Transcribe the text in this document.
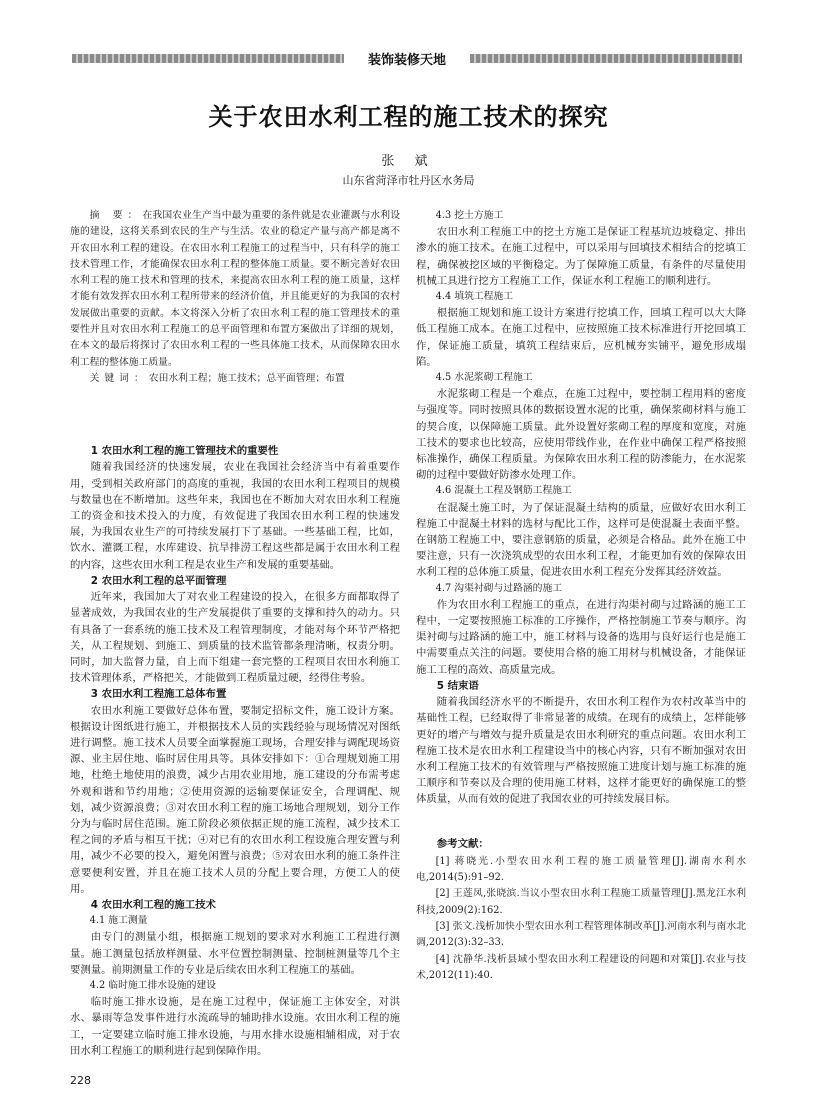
装饰装修天地
关于农田水利工程的施工技术的探究
张 斌
山东省菏泽市牡丹区水务局

摘 要：在我国农业生产当中最为重要的条件就是农业灌溉与水利设施的建设，这将关系到农民的生产与生活。农业的稳定产量与高产都是离不开农田水利工程的建设。在农田水利工程施工的过程当中，只有科学的施工技术管理工作，才能确保农田水利工程的整体施工质量。要不断完善好农田水利工程的施工技术和管理的技术，来提高农田水利工程的施工质量，这样才能有效发挥农田水利工程所带来的经济价值，并且能更好的为我国的农村发展做出重要的贡献。本文将深入分析了农田水利工程的施工管理技术的重要性并且对农田水利工程施工的总平面管理和布置方案做出了详细的规划，在本文的最后将探讨了农田水利工程的一些具体施工技术，从而保障农田水利工程的整体施工质量。

关键词：农田水利工程；施工技术；总平面管理；布置

1 农田水利工程的施工管理技术的重要性

随着我国经济的快速发展，农业在我国社会经济当中有着重要作用，受到相关政府部门的高度的重视，我国的农田水利工程项目的规模与数量也在不断增加。这些年来，我国也在不断加大对农田水利工程施工的资金和技术投入的力度，有效促进了我国农田水利工程的快速发展，为我国农业生产的可持续发展打下了基础。一些基础工程，比如，饮水、灌溉工程，水库建设、抗旱排涝工程这些都是属于农田水利工程的内容，这些农田水利工程是农业生产和发展的重要基础。

2 农田水利工程的总平面管理

近年来，我国加大了对农业工程建设的投入，在很多方面都取得了显著成效，为我国农业的生产发展提供了重要的支撑和持久的动力。只有具备了一套系统的施工技术及工程管理制度，才能对每个环节严格把关，从工程规划、到施工、到质量的技术监管都条理清晰，权责分明。同时，加大监督力量，自上而下组建一套完整的工程项目农田水利施工技术管理体系，严格把关，才能做到工程质量过硬，经得住考验。

3 农田水利工程施工总体布置

农田水利施工要做好总体布置，要制定招标文件，施工设计方案。根据设计图纸进行施工，并根据技术人员的实践经验与现场情况对图纸进行调整。施工技术人员要全面掌握施工现场，合理安排与调配现场资源、业主居住地、临时居住用具等。具体安排如下：①合理规划施工用地，杜绝土地使用的浪费，减少占用农业用地，施工建设的分布需考虑外观和谐和节约用地；②使用资源的运输要保证安全，合理调配、规划，减少资源浪费；③对农田水利工程的施工场地合理规划，划分工作分为与临时居住范围。施工阶段必须依据正规的施工流程，减少技术工程之间的矛盾与相互干扰；④对已有的农田水利工程设施合理安置与利用，减少不必要的投入，避免闲置与浪费；⑤对农田水利的施工条件注意要便利安置，并且在施工技术人员的分配上要合理，方便工人的使用。

4 农田水利工程的施工技术
4.1 施工测量

由专门的测量小组，根据施工规划的要求对水利施工工程进行测量。施工测量包括放样测量、水平位置控制测量、控制桩测量等几个主要测量。前期测量工作的专业是后续农田水利工程施工的基础。

4.2 临时施工排水设施的建设

临时施工排水设施，是在施工过程中，保证施工主体安全，对洪水、暴雨等急发事件进行水流疏导的辅助排水设施。农田水利工程的施工，一定要建立临时施工排水设施，与用水排水设施相辅相成，对于农田水利工程施工的顺利进行起到保障作用。

4.3 挖土方施工

农田水利工程施工中的挖土方施工是保证工程基坑边坡稳定、排出渗水的施工技术。在施工过程中，可以采用与回填技术相结合的挖填工程，确保被挖区域的平衡稳定。为了保障施工质量，有条件的尽量使用机械工具进行挖方工程施工工作，保证水利工程施工的顺利进行。

4.4 填筑工程施工

根据施工规划和施工设计方案进行挖填工作，回填工程可以大大降低工程施工成本。在施工过程中，应按照施工技术标准进行开挖回填工作，保证施工质量，填筑工程结束后，应机械夯实铺平，避免形成塌陷。

4.5 水泥浆砌工程施工

水泥浆砌工程是一个难点，在施工过程中，要控制工程用料的密度与强度等。同时按照具体的数据设置水泥的比重，确保浆砌材料与施工的契合度，以保障施工质量。此外设置好浆砌工程的厚度和宽度，对施工技术的要求也比较高，应使用带线作业，在作业中确保工程严格按照标准操作，确保工程质量。为保障农田水利工程的防渗能力，在水泥浆砌的过程中要做好防渗水处理工作。

4.6 混凝土工程及钢筋工程施工

在混凝土施工时，为了保证混凝土结构的质量，应做好农田水利工程施工中混凝土材料的选材与配比工作，这样可是使混凝土表面平整。在钢筋工程施工中，要注意钢筋的质量，必须是合格品。此外在施工中要注意，只有一次浇筑成型的农田水利工程，才能更加有效的保障农田水利工程的总体施工质量，促进农田水利工程充分发挥其经济效益。

4.7 沟渠衬砌与过路涵的施工

作为农田水利工程施工的重点，在进行沟渠衬砌与过路涵的施工工程中，一定要按照施工标准的工序操作，严格控制施工节奏与顺序。沟渠衬砌与过路涵的施工中，施工材料与设备的选用与良好运行也是施工中需要重点关注的问题。要使用合格的施工用材与机械设备，才能保证施工工程的高效、高质量完成。

5 结束语

随着我国经济水平的不断提升，农田水利工程作为农村改革当中的基础性工程，已经取得了非常显著的成绩。在现有的成绩上，怎样能够更好的增产与增效与提升质量是农田水利研究的重点问题。农田水利工程施工技术是农田水利工程建设当中的核心内容，只有不断加强对农田水利工程施工技术的有效管理与严格按照施工进度计划与施工标准的施工顺序和节奏以及合理的使用施工材料，这样才能更好的确保施工的整体质量，从而有效的促进了我国农业的可持续发展目标。

参考文献：

[1] 蒋晓光.小型农田水利工程的施工质量管理[J].湖南水利水电,2014(5):91–92.

[2] 王莲凤,张晓滨.当议小型农田水利工程施工质量管理[J].黑龙江水利科技,2009(2):162.

[3] 张文.浅析加快小型农田水利工程管理体制改革[J].河南水利与南水北调,2012(3):32–33.

[4] 沈静华.浅析县域小型农田水利工程建设的问题和对策[J].农业与技术,2012(11):40.

228
